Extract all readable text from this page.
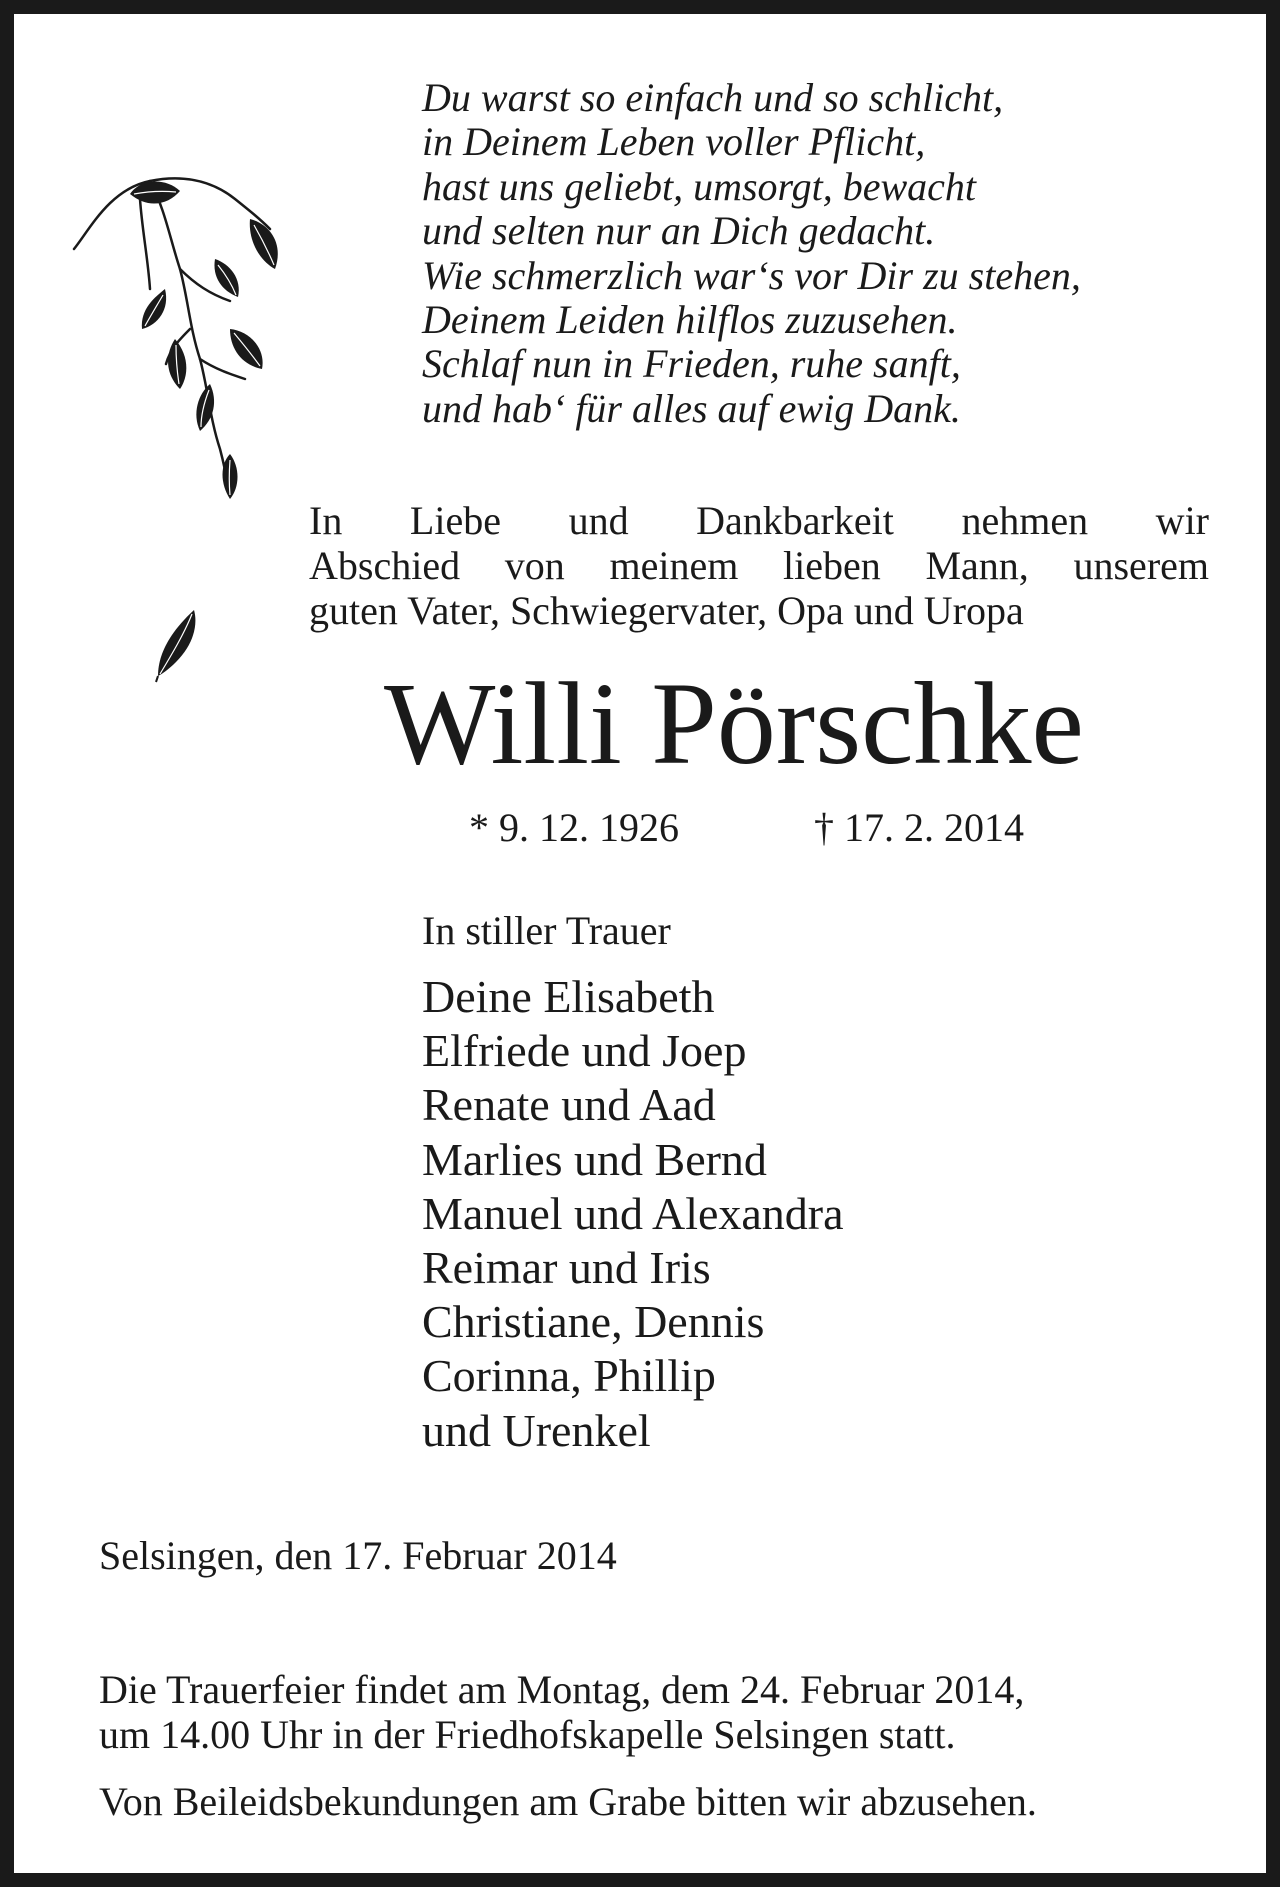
Du warst so einfach und so schlicht,
in Deinem Leben voller Pflicht,
hast uns geliebt, umsorgt, bewacht
und selten nur an Dich gedacht.
Wie schmerzlich war‘s vor Dir zu stehen,
Deinem Leiden hilflos zuzusehen.
Schlaf nun in Frieden, ruhe sanft,
und hab‘ für alles auf ewig Dank.
In Liebe und Dankbarkeit nehmen wir
Abschied von meinem lieben Mann, unserem
guten Vater, Schwiegervater, Opa und Uropa
Willi Pörschke
* 9. 12. 1926	† 17. 2. 2014
In stiller Trauer
Deine Elisabeth
Elfriede und Joep
Renate und Aad
Marlies und Bernd
Manuel und Alexandra
Reimar und Iris
Christiane, Dennis
Corinna, Phillip
und Urenkel
Selsingen, den 17. Februar 2014
Die Trauerfeier findet am Montag, dem 24. Februar 2014,
um 14.00 Uhr in der Friedhofskapelle Selsingen statt.
Von Beileidsbekundungen am Grabe bitten wir abzusehen.
